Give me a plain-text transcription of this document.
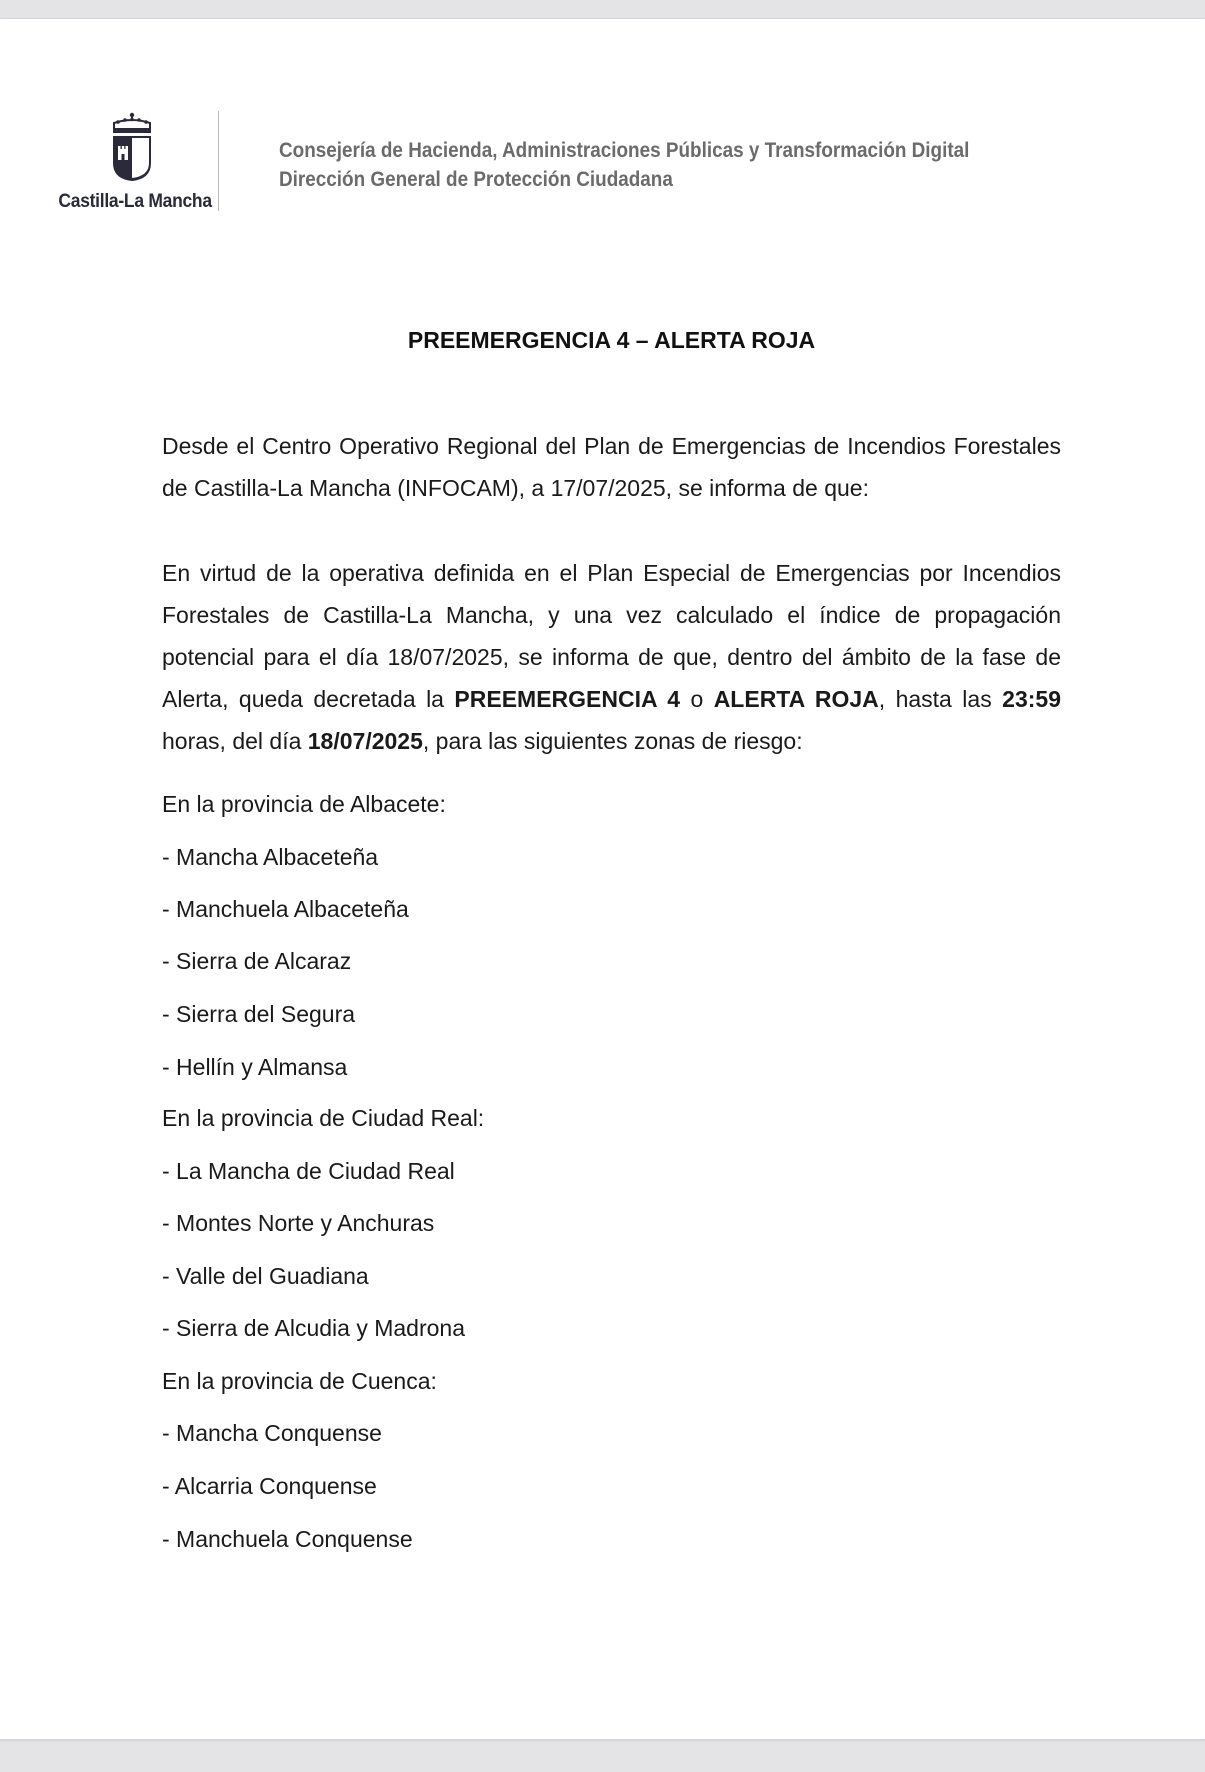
Castilla-La Mancha
Consejería de Hacienda, Administraciones Públicas y Transformación Digital
Dirección General de Protección Ciudadana
PREEMERGENCIA 4 – ALERTA ROJA

Desde el Centro Operativo Regional del Plan de Emergencias de Incendios Forestales de Castilla-La Mancha (INFOCAM), a 17/07/2025, se informa de que:

En virtud de la operativa definida en el Plan Especial de Emergencias por Incendios Forestales de Castilla-La Mancha, y una vez calculado el índice de propagación potencial para el día 18/07/2025, se informa de que, dentro del ámbito de la fase de Alerta, queda decretada la PREEMERGENCIA 4 o ALERTA ROJA, hasta las 23:59 horas, del día 18/07/2025, para las siguientes zonas de riesgo:

En la provincia de Albacete:
- Mancha Albaceteña
- Manchuela Albaceteña
- Sierra de Alcaraz
- Sierra del Segura
- Hellín y Almansa
En la provincia de Ciudad Real:
- La Mancha de Ciudad Real
- Montes Norte y Anchuras
- Valle del Guadiana
- Sierra de Alcudia y Madrona
En la provincia de Cuenca:
- Mancha Conquense
- Alcarria Conquense
- Manchuela Conquense
